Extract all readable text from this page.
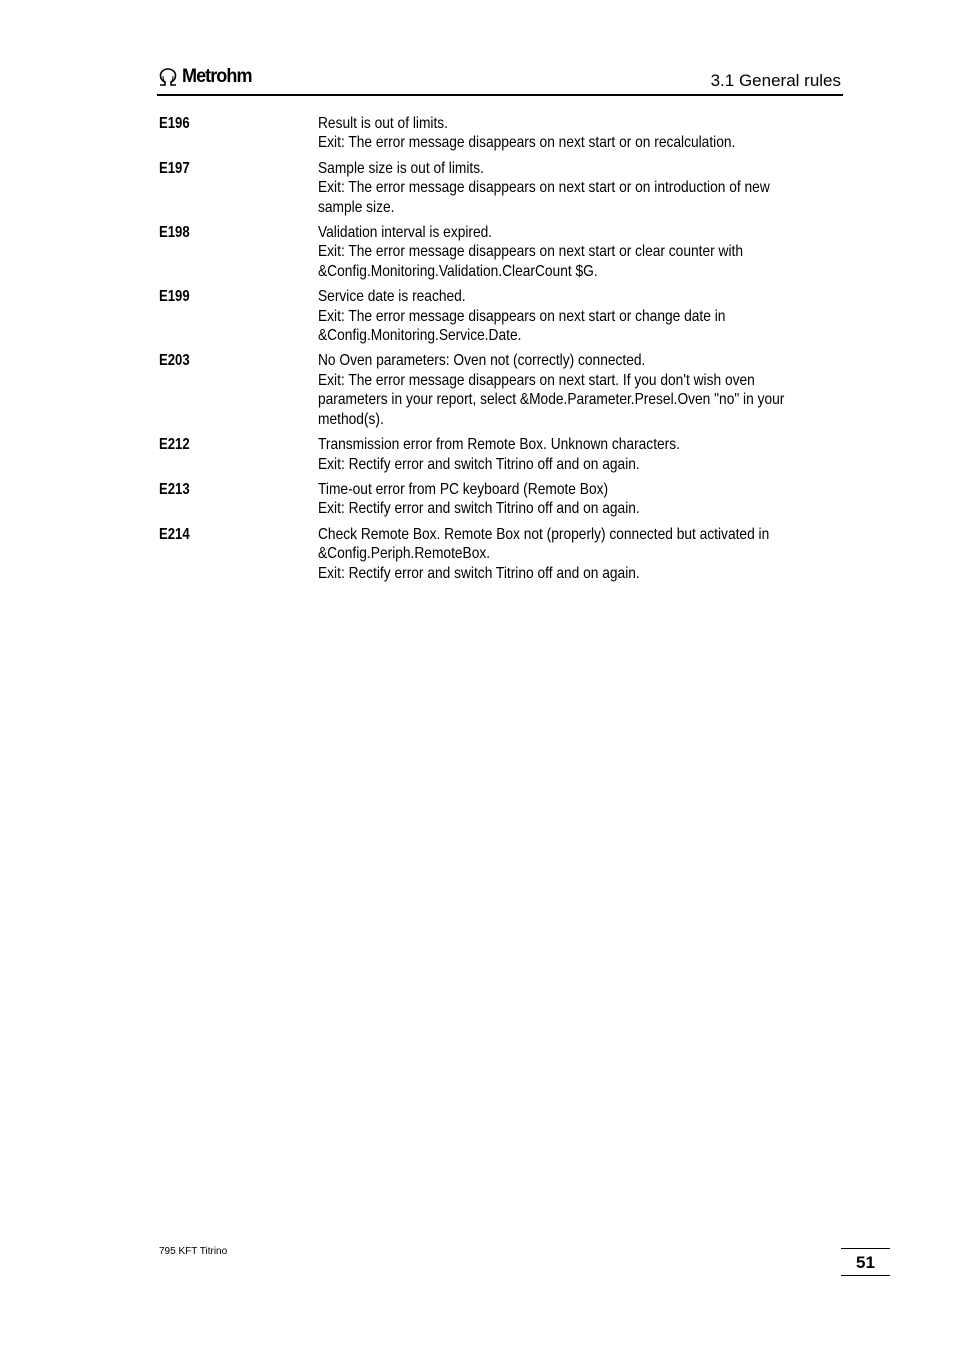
Metrohm	3.1 General rules
E196	Result is out of limits.
Exit: The error message disappears on next start or on recalculation.
E197	Sample size is out of limits.
Exit: The error message disappears on next start or on introduction of new
sample size.
E198	Validation interval is expired.
Exit: The error message disappears on next start or clear counter with
&Config.Monitoring.Validation.ClearCount $G.
E199	Service date is reached.
Exit: The error message disappears on next start or change date in
&Config.Monitoring.Service.Date.
E203	No Oven parameters: Oven not (correctly) connected.
Exit: The error message disappears on next start. If you don't wish oven
parameters in your report, select &Mode.Parameter.Presel.Oven "no" in your
method(s).
E212	Transmission error from Remote Box. Unknown characters.
Exit: Rectify error and switch Titrino off and on again.
E213	Time-out error from PC keyboard (Remote Box)
Exit: Rectify error and switch Titrino off and on again.
E214	Check Remote Box. Remote Box not (properly) connected but activated in
&Config.Periph.RemoteBox.
Exit: Rectify error and switch Titrino off and on again.
795 KFT Titrino
51
